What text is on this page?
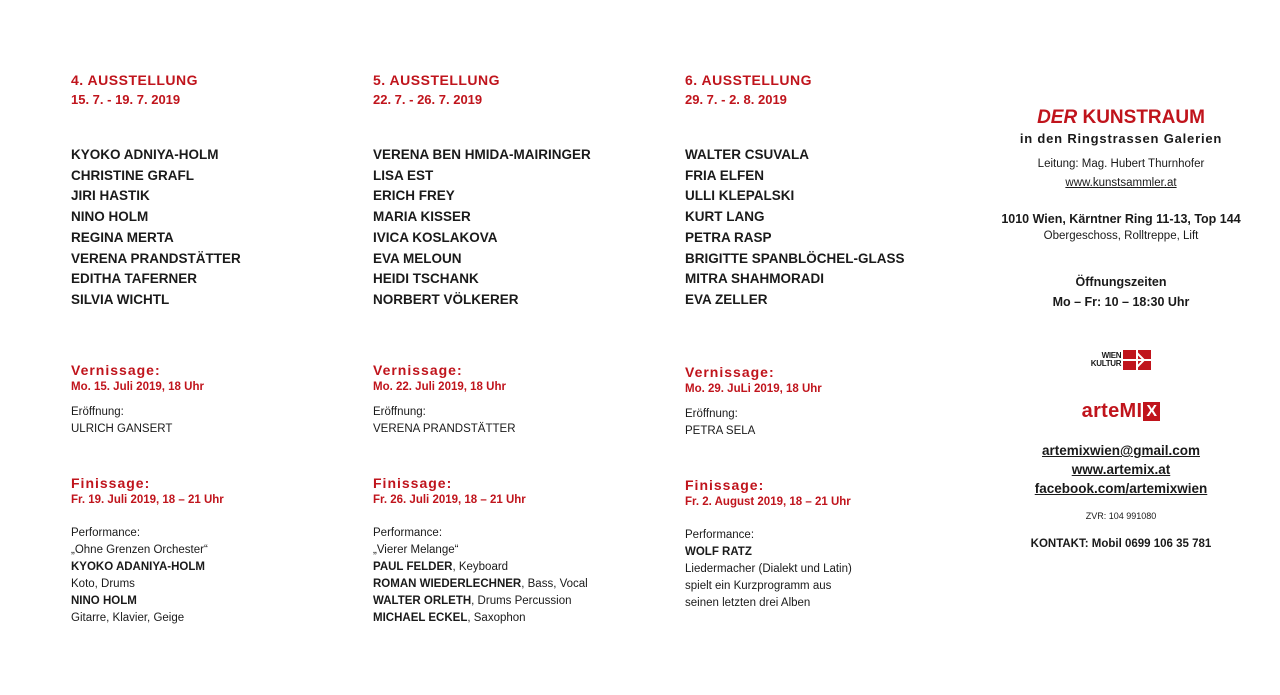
4. AUSSTELLUNG
15. 7. - 19. 7. 2019
KYOKO ADNIYA-HOLM
CHRISTINE GRAFL
JIRI HASTIK
NINO HOLM
REGINA MERTA
VERENA PRANDSTÄTTER
EDITHA TAFERNER
SILVIA WICHTL
Vernissage:
Mo. 15. Juli 2019, 18 Uhr
Eröffnung:
ULRICH GANSERT
Finissage:
Fr. 19. Juli 2019, 18 – 21 Uhr
Performance:
„Ohne Grenzen Orchester“
KYOKO ADANIYA-HOLM
Koto, Drums
NINO HOLM
Gitarre, Klavier, Geige
5. AUSSTELLUNG
22. 7. - 26. 7. 2019
VERENA BEN HMIDA-MAIRINGER
LISA EST
ERICH FREY
MARIA KISSER
IVICA KOSLAKOVA
EVA MELOUN
HEIDI TSCHANK
NORBERT VÖLKERER
Vernissage:
Mo. 22. Juli 2019, 18 Uhr
Eröffnung:
VERENA PRANDSTÄTTER
Finissage:
Fr. 26. Juli 2019, 18 – 21 Uhr
Performance:
„Vierer Melange“
PAUL FELDER, Keyboard
ROMAN WIEDERLECHNER, Bass, Vocal
WALTER ORLETH, Drums Percussion
MICHAEL ECKEL, Saxophon
6. AUSSTELLUNG
29. 7. - 2. 8. 2019
WALTER CSUVALA
FRIA ELFEN
ULLI KLEPALSKI
KURT LANG
PETRA RASP
BRIGITTE SPANBLÖCHEL-GLASS
MITRA SHAHMORADI
EVA ZELLER
Vernissage:
Mo. 29. JuLi 2019, 18 Uhr
Eröffnung:
PETRA SELA
Finissage:
Fr. 2. August 2019, 18 – 21 Uhr
Performance:
WOLF RATZ
Liedermacher (Dialekt und Latin)
spielt ein Kurzprogramm aus
seinen letzten drei Alben
DER KUNSTRAUM
in den Ringstrassen Galerien
Leitung: Mag. Hubert Thurnhofer
www.kunstsammler.at
1010 Wien, Kärntner Ring 11-13, Top 144
Obergeschoss, Rolltreppe, Lift
Öffnungszeiten
Mo – Fr: 10 – 18:30 Uhr
WIEN
KULTUR
arteMI X
artemixwien@gmail.com
www.artemix.at
facebook.com/artemixwien
ZVR: 104 991080
KONTAKT: Mobil 0699 106 35 781
